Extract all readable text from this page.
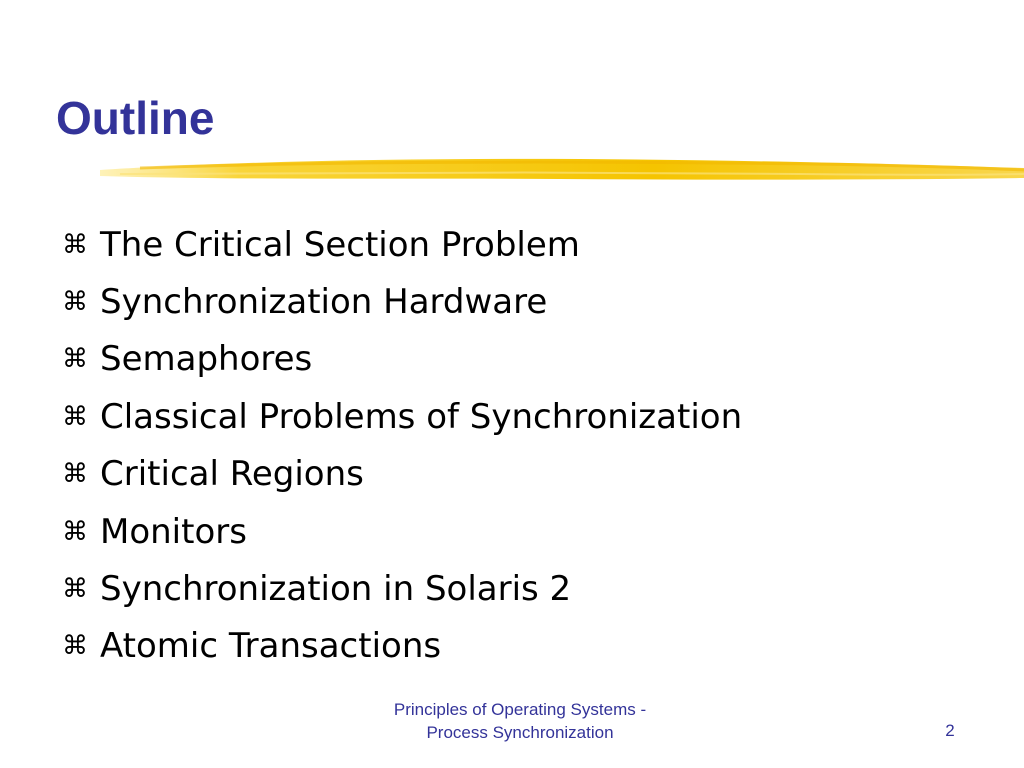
Outline
⌘ The Critical Section Problem
⌘ Synchronization Hardware
⌘ Semaphores
⌘ Classical Problems of Synchronization
⌘ Critical Regions
⌘ Monitors
⌘ Synchronization in Solaris 2
⌘ Atomic Transactions
Principles of Operating Systems -
Process Synchronization	2
